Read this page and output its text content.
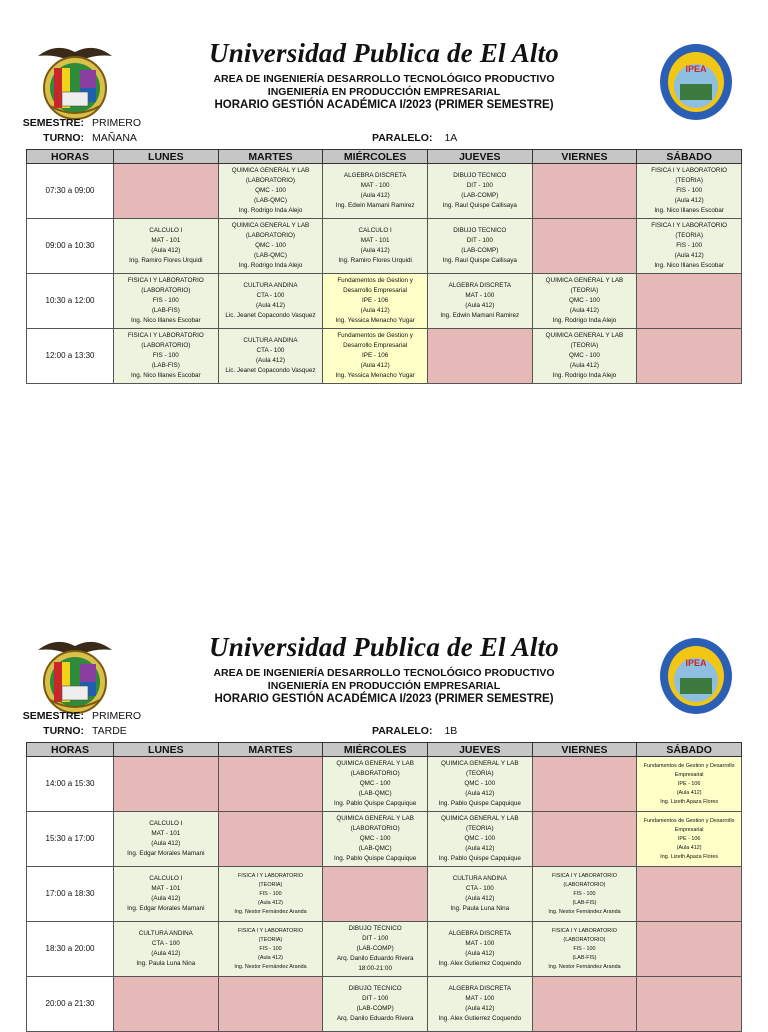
Universidad Publica de El Alto
AREA DE INGENIERÍA DESARROLLO TECNOLÓGICO PRODUCTIVO
INGENIERÍA EN PRODUCCIÓN EMPRESARIAL
HORARIO GESTIÓN ACADÉMICA I/2023 (PRIMER SEMESTRE)
IPEA
SEMESTRE: PRIMERO
TURNO: MAÑANA	PARALELO: 1A
HORAS	LUNES	MARTES	MIÉRCOLES	JUEVES	VIERNES	SÁBADO
07:30 a 09:00		QUIMICA GENERAL Y LAB
(LABORATORIO)
QMC - 100
(LAB-QMC)
Ing. Rodrigo Inda Alejo	ALGEBRA DISCRETA
MAT - 100
(Aula 412)
Ing. Edwin Mamani Ramirez	DIBUJO TECNICO
DIT - 100
(LAB-COMP)
Ing. Raul Quispe Callisaya		FISICA I Y LABORATORIO
(TEORIA)
FIS - 100
(Aula 412)
Ing. Nico Illanes Escobar
09:00 a 10:30	CALCULO I
MAT - 101
(Aula 412)
Ing. Ramiro Flores Urquidi	QUIMICA GENERAL Y LAB
(LABORATORIO)
QMC - 100
(LAB-QMC)
Ing. Rodrigo Inda Alejo	CALCULO I
MAT - 101
(Aula 412)
Ing. Ramiro Flores Urquidi	DIBUJO TECNICO
DIT - 100
(LAB-COMP)
Ing. Raul Quispe Callisaya		FISICA I Y LABORATORIO
(TEORIA)
FIS - 100
(Aula 412)
Ing. Nico Illanes Escobar
10:30 a 12:00	FISICA I Y LABORATORIO
(LABORATORIO)
FIS - 100
(LAB-FIS)
Ing. Nico Illanes Escobar	CULTURA ANDINA
CTA - 100
(Aula 412)
Lic. Jeanet Copacondo Vasquez	Fundamentos de Gestion y
Desarrollo Empresarial
IPE - 106
(Aula 412)
Ing. Yessica Menacho Yugar	ALGEBRA DISCRETA
MAT - 100
(Aula 412)
Ing. Edwin Mamani Ramirez	QUIMICA GENERAL Y LAB
(TEORIA)
QMC - 100
(Aula 412)
Ing. Rodrigo Inda Alejo	
12:00 a 13:30	FISICA I Y LABORATORIO
(LABORATORIO)
FIS - 100
(LAB-FIS)
Ing. Nico Illanes Escobar	CULTURA ANDINA
CTA - 100
(Aula 412)
Lic. Jeanet Copacondo Vasquez	Fundamentos de Gestion y
Desarrollo Empresarial
IPE - 106
(Aula 412)
Ing. Yessica Menacho Yugar		QUIMICA GENERAL Y LAB
(TEORIA)
QMC - 100
(Aula 412)
Ing. Rodrigo Inda Alejo	
Universidad Publica de El Alto
AREA DE INGENIERÍA DESARROLLO TECNOLÓGICO PRODUCTIVO
INGENIERÍA EN PRODUCCIÓN EMPRESARIAL
HORARIO GESTIÓN ACADÉMICA I/2023 (PRIMER SEMESTRE)
IPEA
SEMESTRE: PRIMERO
TURNO: TARDE	PARALELO: 1B
HORAS	LUNES	MARTES	MIÉRCOLES	JUEVES	VIERNES	SÁBADO
14:00 a 15:30			QUIMICA GENERAL Y LAB
(LABORATORIO)
QMC - 100
(LAB-QMC)
Ing. Pablo Quispe Capquique	QUIMICA GENERAL Y LAB
(TEORIA)
QMC - 100
(Aula 412)
Ing. Pablo Quispe Capquique		Fundamentos de Gestion y Desarrollo
Empresarial
IPE - 106
(Aula 412)
Ing. Lizeth Apaza Flores
15:30 a 17:00	CALCULO I
MAT - 101
(Aula 412)
Ing. Edgar Morales Mamani		QUIMICA GENERAL Y LAB
(LABORATORIO)
QMC - 100
(LAB-QMC)
Ing. Pablo Quispe Capquique	QUIMICA GENERAL Y LAB
(TEORIA)
QMC - 100
(Aula 412)
Ing. Pablo Quispe Capquique		Fundamentos de Gestion y Desarrollo
Empresarial
IPE - 106
(Aula 412)
Ing. Lizeth Apaza Flores
17:00 a 18:30	CALCULO I
MAT - 101
(Aula 412)
Ing. Edgar Morales Mamani	FISICA I Y LABORATORIO
(TEORIA)
FIS - 100
(Aula 412)
Ing. Nestor Fernández Aranda		CULTURA ANDINA
CTA - 100
(Aula 412)
Ing. Paula Luna Nina	FISICA I Y LABORATORIO
(LABORATORIO)
FIS - 100
(LAB-FIS)
Ing. Nestor Fernández Aranda	
18:30 a 20:00	CULTURA ANDINA
CTA - 100
(Aula 412)
Ing. Paula Luna Nina	FISICA I Y LABORATORIO
(TEORIA)
FIS - 100
(Aula 412)
Ing. Nestor Fernández Aranda	DIBUJO TECNICO
DIT - 100
(LAB-COMP)
Arq. Danilo Eduardo Rivera
18:00-21:00	ALGEBRA DISCRETA
MAT - 100
(Aula 412)
Ing. Alex Gutierrez Coquendo	FISICA I Y LABORATORIO
(LABORATORIO)
FIS - 100
(LAB-FIS)
Ing. Nestor Fernández Aranda	
20:00 a 21:30			DIBUJO TECNICO
DIT - 100
(LAB-COMP)
Arq. Danilo Eduardo Rivera	ALGEBRA DISCRETA
MAT - 100
(Aula 412)
Ing. Alex Gutierrez Coquendo		
